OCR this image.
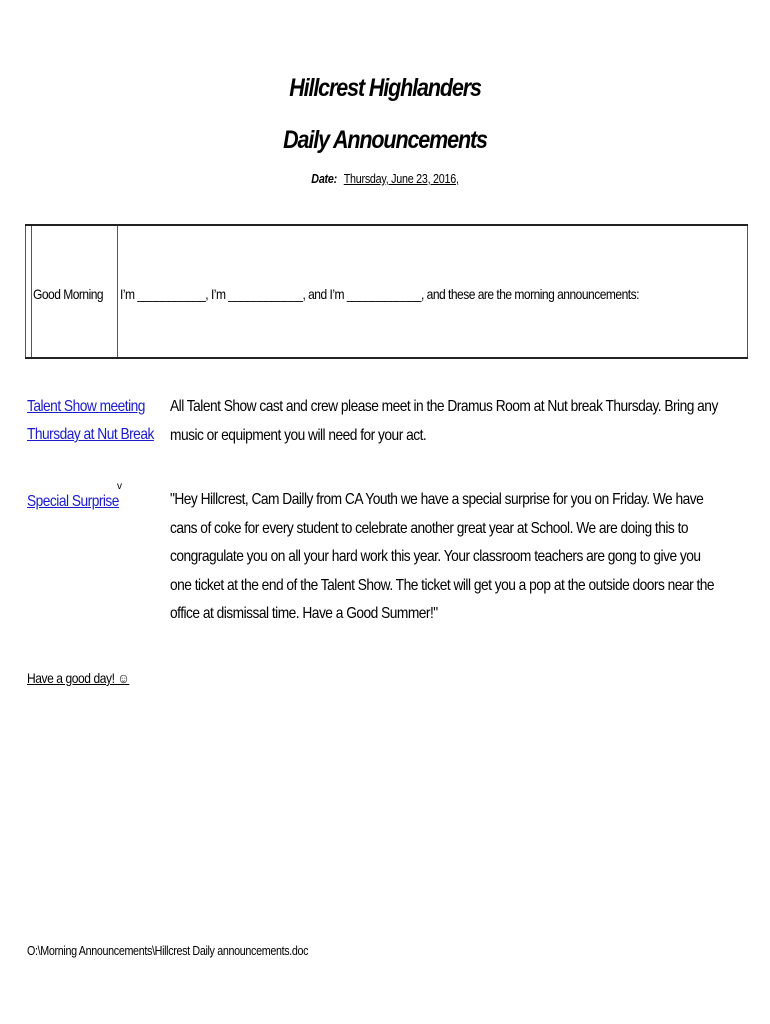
Hillcrest Highlanders
Daily Announcements
Date: Thursday, June 23, 2016,
Good Morning I’m ___________, I’m ____________, and I’m ____________, and these are the morning announcements:
Talent Show meeting
Thursday at Nut Break
All Talent Show cast and crew please meet in the Dramus Room at Nut break Thursday. Bring any music or equipment you will need for your act.
Special Surprise
v
"Hey Hillcrest, Cam Dailly from CA Youth we have a special surprise for you on Friday. We have cans of coke for every student to celebrate another great year at School. We are doing this to congragulate you on all your hard work this year. Your classroom teachers are gong to give you one ticket at the end of the Talent Show. The ticket will get you a pop at the outside doors near the office at dismissal time. Have a Good Summer!"
Have a good day! ☺
O:\Morning Announcements\Hillcrest Daily announcements.doc
